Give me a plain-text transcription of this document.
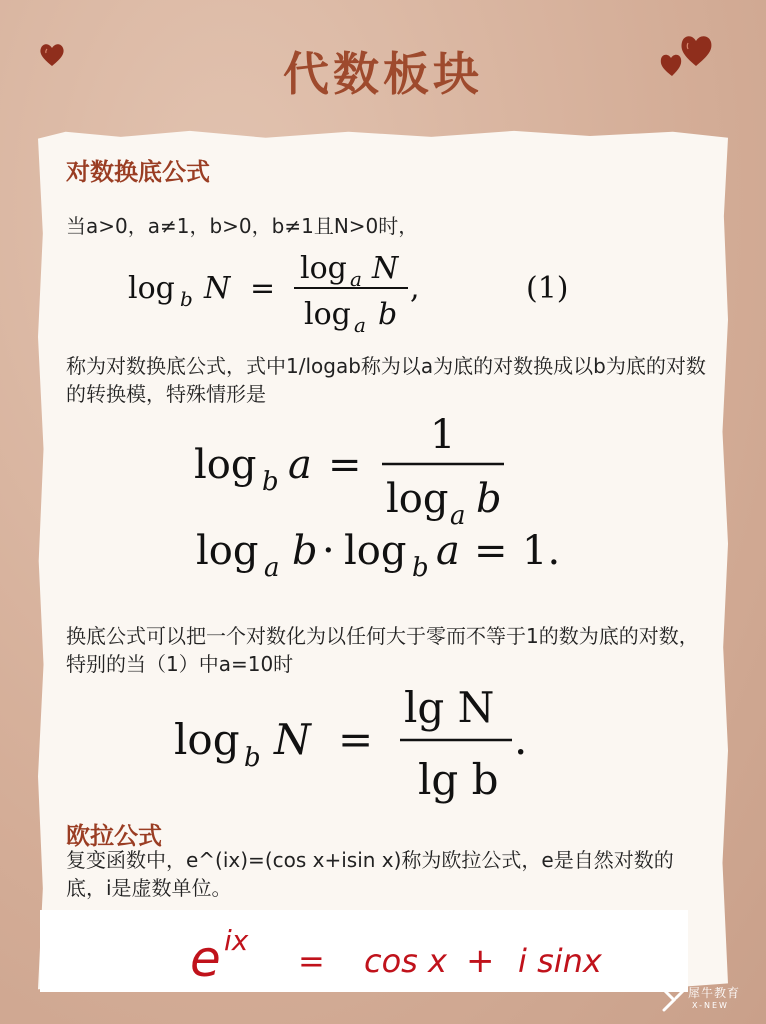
代数板块
对数换底公式
当a>0，a≠1，b>0，b≠1且N>0时，
log b N =
log a N
log a b
,	(1)
称为对数换底公式，式中1/logab称为以a为底的对数换成以b为底的对数的转换模，特殊情形是
log b a =
1
log a b
log a b · log b a = 1.
换底公式可以把一个对数化为以任何大于零而不等于1的数为底的对数，特别的当（1）中a=10时
log b N =
lg N
lg b
.
欧拉公式
复变函数中，e^(ix)=(cos x+isin x)称为欧拉公式，e是自然对数的底，i是虚数单位。
e ix
= cos x + i sinx
犀牛教育
X-NEW
